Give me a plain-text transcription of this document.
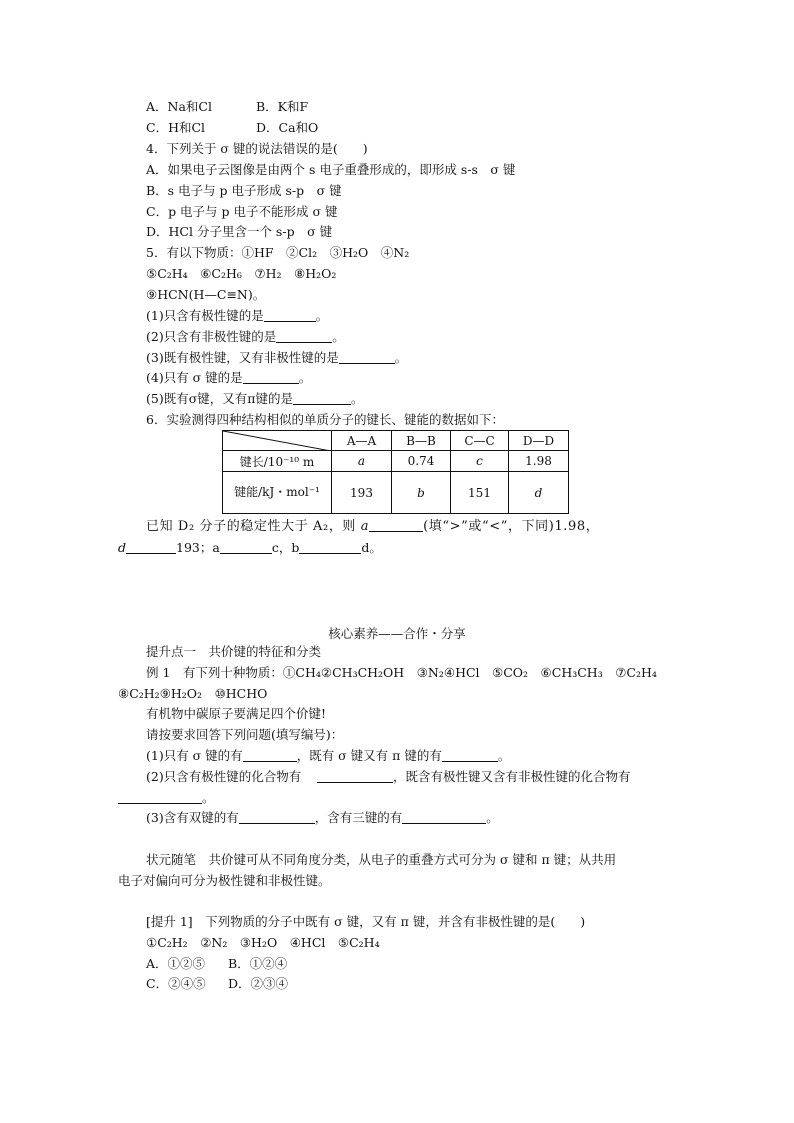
A．Na和Cl	B．K和F
C．H和Cl	D．Ca和O
4．下列关于 σ 键的说法错误的是(　　)
A．如果电子云图像是由两个 s 电子重叠形成的，即形成 s-s　σ 键
B．s 电子与 p 电子形成 s-p　σ 键
C．p 电子与 p 电子不能形成 σ 键
D．HCl 分子里含一个 s-p　σ 键
5．有以下物质：①HF　②Cl₂　③H₂O　④N₂
⑤C₂H₄　⑥C₂H₆　⑦H₂　⑧H₂O₂
⑨HCN(H—C≡N)。
(1)只含有极性键的是	。
(2)只含有非极性键的是	。
(3)既有极性键，又有非极性键的是	。
(4)只有 σ 键的是	。
(5)既有σ键，又有π键的是	。
6．实验测得四种结构相似的单质分子的键长、键能的数据如下：
	A—A	B—B	C—C	D—D
键长/10⁻¹⁰ m	a	0.74	c	1.98
键能/kJ・mol⁻¹	193	b	151	d
已知 D₂ 分子的稳定性大于 A₂，则 a	(填“>”或“<”，下同)1.98，
d	193；a	c，b	d。
核心素养——合作・分享
提升点一　共价键的特征和分类
例 1　有下列十种物质：①CH₄②CH₃CH₂OH　③N₂④HCl　⑤CO₂　⑥CH₃CH₃　⑦C₂H₄
⑧C₂H₂⑨H₂O₂　⑩HCHO
有机物中碳原子要满足四个价键!
请按要求回答下列问题(填写编号)：
(1)只有 σ 键的有	，既有 σ 键又有 π 键的有	。
(2)只含有极性键的化合物有	，既含有极性键又含有非极性键的化合物有
。
(3)含有双键的有	，含有三键的有	。
状元随笔　共价键可从不同角度分类，从电子的重叠方式可分为 σ 键和 π 键；从共用
电子对偏向可分为极性键和非极性键。
[提升 1]　下列物质的分子中既有 σ 键，又有 π 键，并含有非极性键的是(　　)
①C₂H₂　②N₂　③H₂O　④HCl　⑤C₂H₄
A．①②⑤ B．①②④
C．②④⑤ D．②③④
